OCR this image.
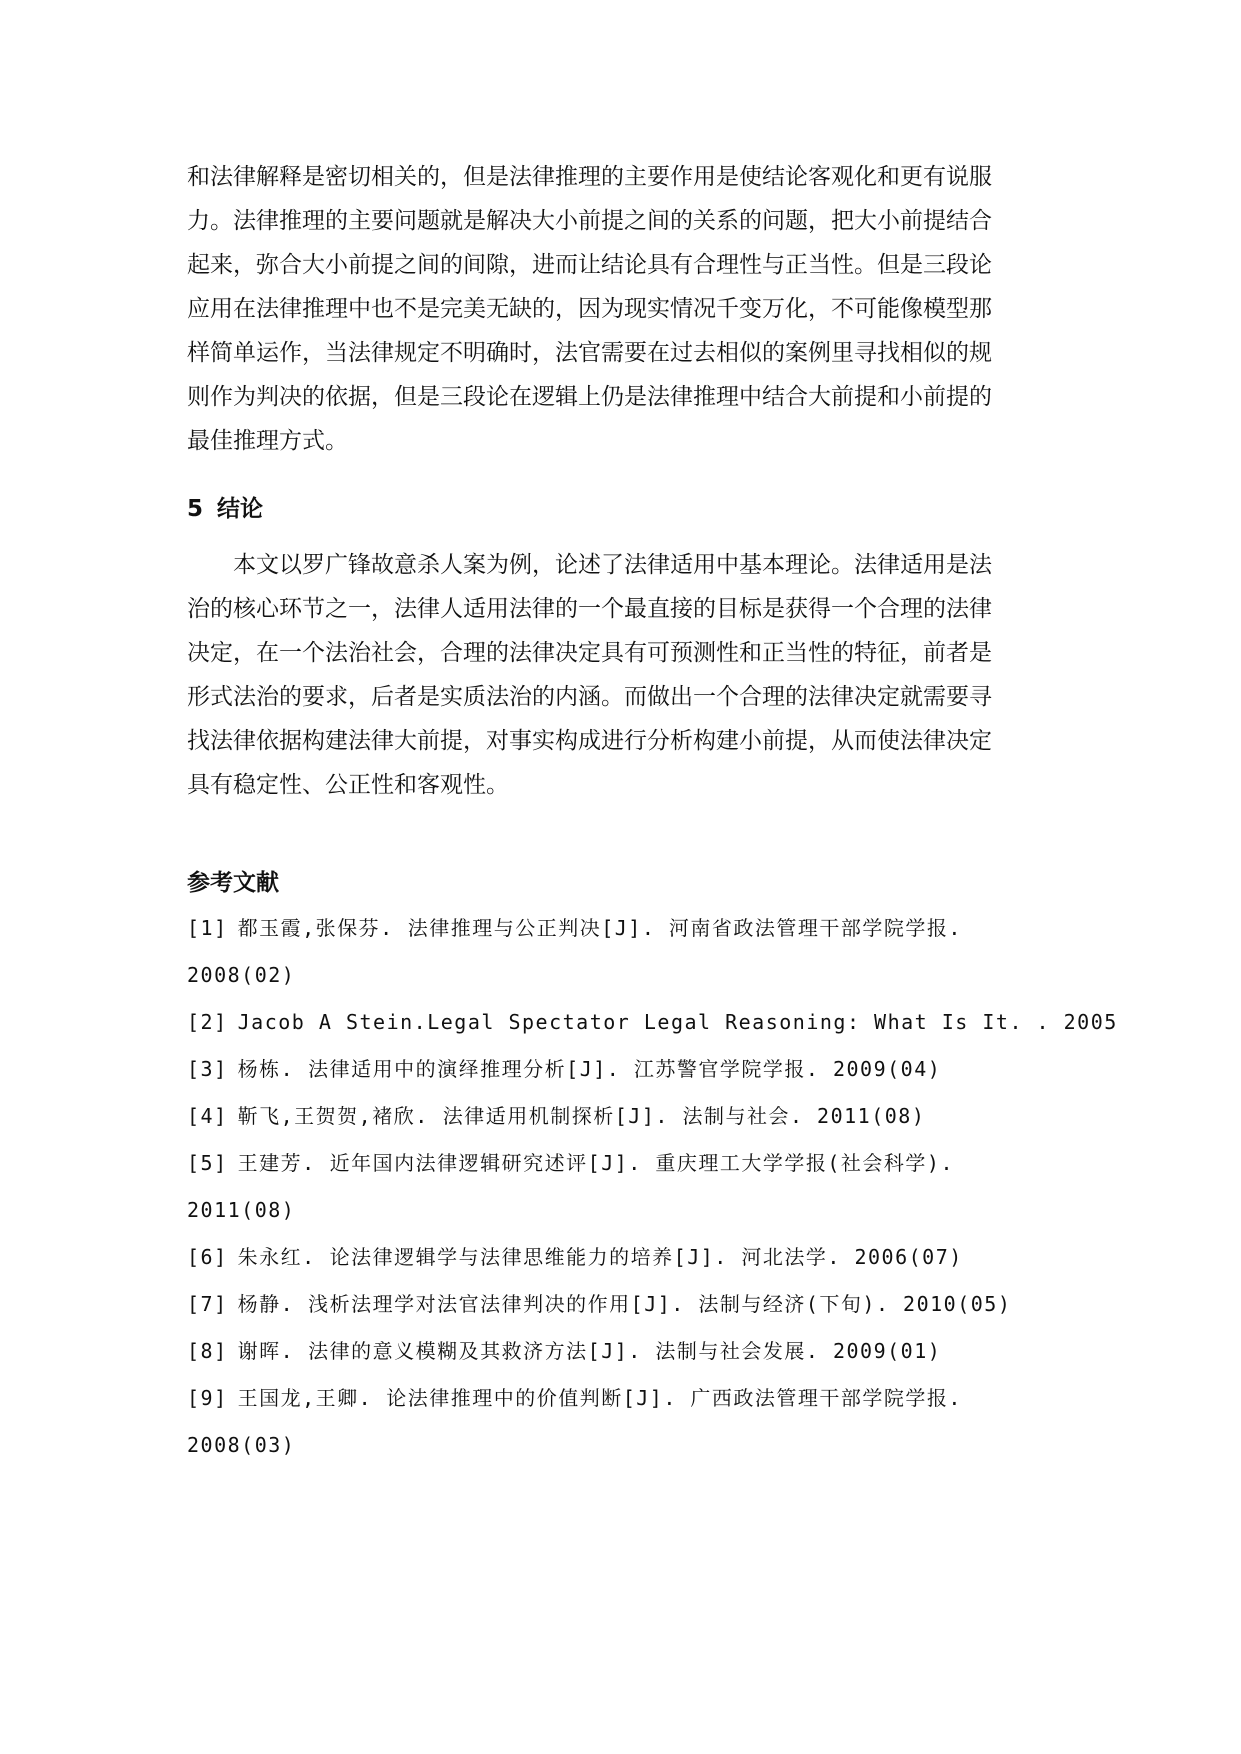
和法律解释是密切相关的，但是法律推理的主要作用是使结论客观化和更有说服
力。法律推理的主要问题就是解决大小前提之间的关系的问题，把大小前提结合
起来，弥合大小前提之间的间隙，进而让结论具有合理性与正当性。但是三段论
应用在法律推理中也不是完美无缺的，因为现实情况千变万化，不可能像模型那
样简单运作，当法律规定不明确时，法官需要在过去相似的案例里寻找相似的规
则作为判决的依据，但是三段论在逻辑上仍是法律推理中结合大前提和小前提的
最佳推理方式。

5 结论

本文以罗广锋故意杀人案为例，论述了法律适用中基本理论。法律适用是法
治的核心环节之一，法律人适用法律的一个最直接的目标是获得一个合理的法律
决定，在一个法治社会，合理的法律决定具有可预测性和正当性的特征，前者是
形式法治的要求，后者是实质法治的内涵。而做出一个合理的法律决定就需要寻
找法律依据构建法律大前提，对事实构成进行分析构建小前提，从而使法律决定
具有稳定性、公正性和客观性。

参考文献
[1] 都玉霞,张保芬 . 法律推理与公正判决[J]. 河南省政法管理干部学院学报.
2008(02)
[2] Jacob A Stein.Legal Spectator Legal Reasoning: What Is It. . 2005
[3] 杨栋 . 法律适用中的演绎推理分析[J]. 江苏警官学院学报. 2009(04)
[4] 靳飞,王贺贺,褚欣 . 法律适用机制探析[J]. 法制与社会. 2011(08)
[5] 王建芳 . 近年国内法律逻辑研究述评[J]. 重庆理工大学学报(社会科学).
2011(08)
[6] 朱永红 . 论法律逻辑学与法律思维能力的培养[J]. 河北法学. 2006(07)
[7] 杨静 . 浅析法理学对法官法律判决的作用[J]. 法制与经济(下旬). 2010(05)
[8] 谢晖 . 法律的意义模糊及其救济方法[J]. 法制与社会发展. 2009(01)
[9] 王国龙,王卿 . 论法律推理中的价值判断[J]. 广西政法管理干部学院学报.
2008(03)
